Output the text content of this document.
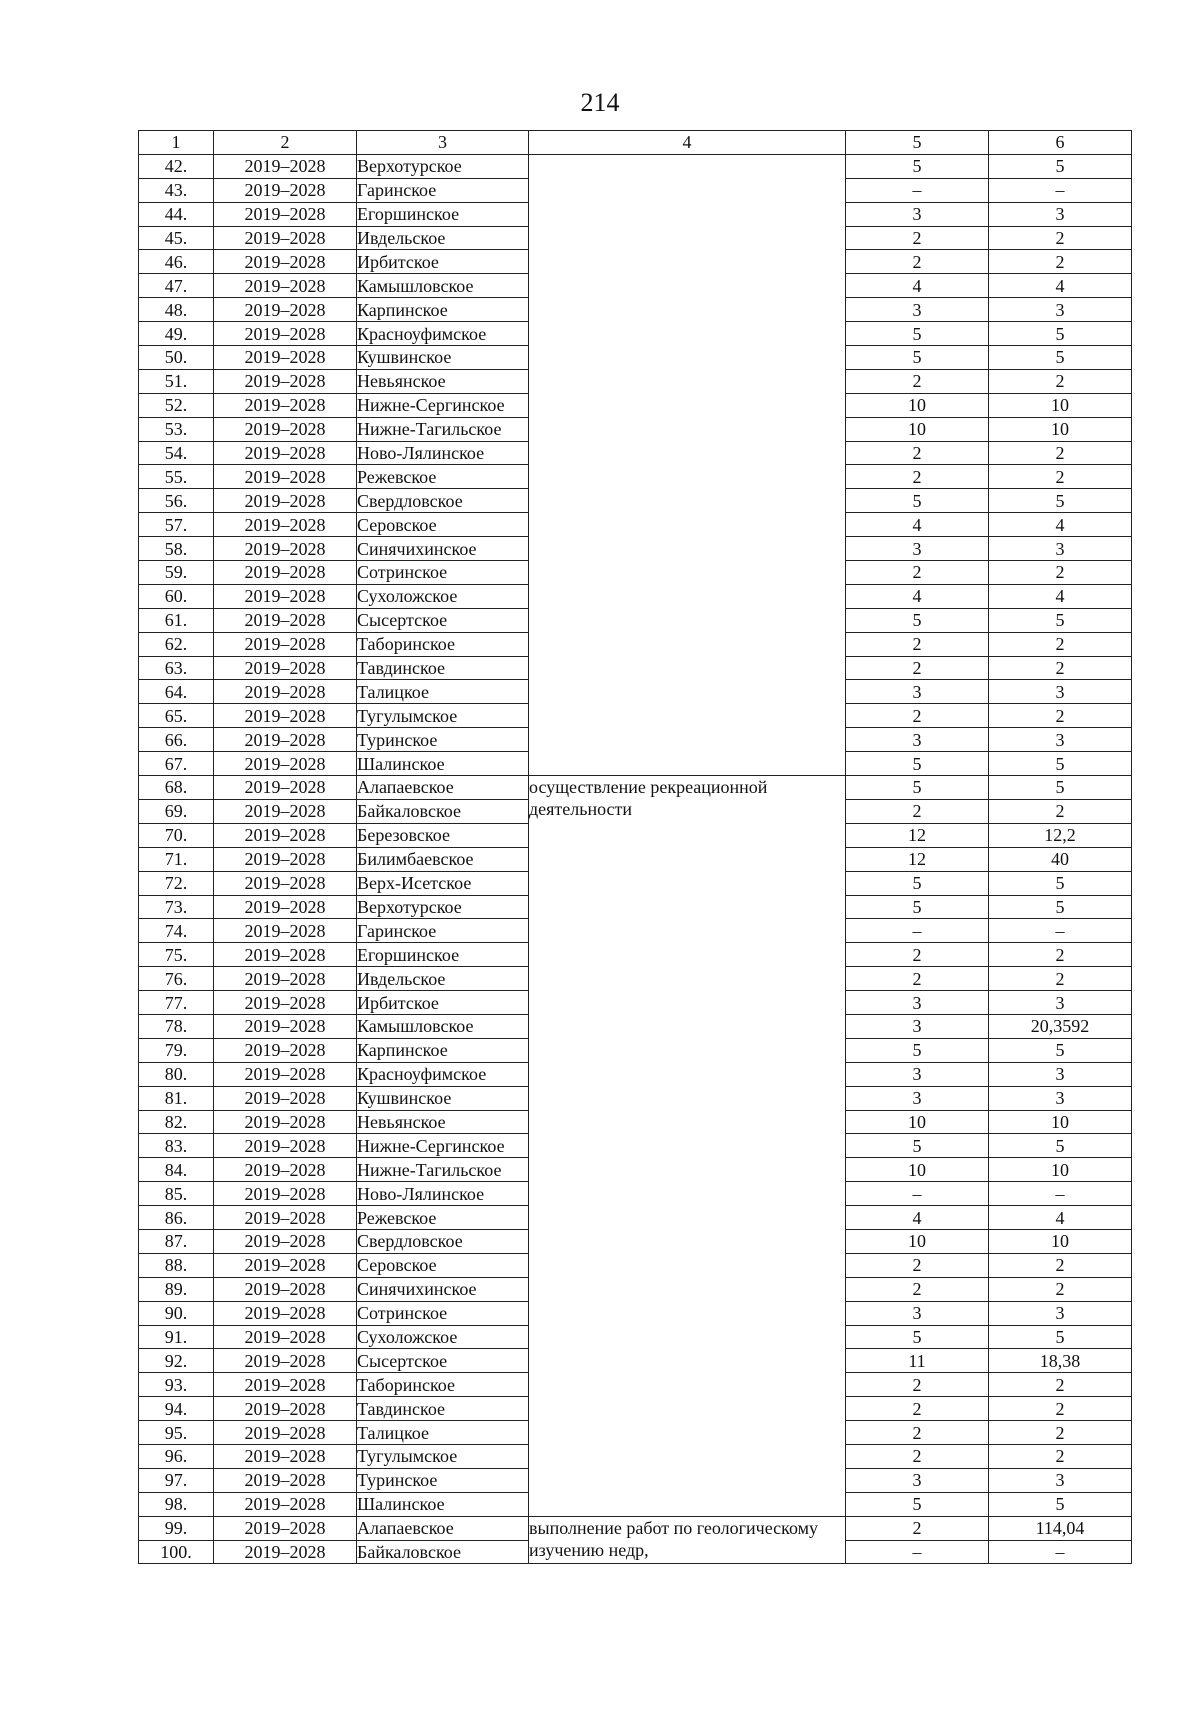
214
1	2	3	4	5	6
42.	2019–2028	Верхотурское		5	5
43.	2019–2028	Гаринское		–	–
44.	2019–2028	Егоршинское		3	3
45.	2019–2028	Ивдельское		2	2
46.	2019–2028	Ирбитское		2	2
47.	2019–2028	Камышловское		4	4
48.	2019–2028	Карпинское		3	3
49.	2019–2028	Красноуфимское		5	5
50.	2019–2028	Кушвинское		5	5
51.	2019–2028	Невьянское		2	2
52.	2019–2028	Нижне-Сергинское		10	10
53.	2019–2028	Нижне-Тагильское		10	10
54.	2019–2028	Ново-Лялинское		2	2
55.	2019–2028	Режевское		2	2
56.	2019–2028	Свердловское		5	5
57.	2019–2028	Серовское		4	4
58.	2019–2028	Синячихинское		3	3
59.	2019–2028	Сотринское		2	2
60.	2019–2028	Сухоложское		4	4
61.	2019–2028	Сысертское		5	5
62.	2019–2028	Таборинское		2	2
63.	2019–2028	Тавдинское		2	2
64.	2019–2028	Талицкое		3	3
65.	2019–2028	Тугулымское		2	2
66.	2019–2028	Туринское		3	3
67.	2019–2028	Шалинское		5	5
68.	2019–2028	Алапаевское	осуществление рекреационной деятельности	5	5
69.	2019–2028	Байкаловское		2	2
70.	2019–2028	Березовское		12	12,2
71.	2019–2028	Билимбаевское		12	40
72.	2019–2028	Верх-Исетское		5	5
73.	2019–2028	Верхотурское		5	5
74.	2019–2028	Гаринское		–	–
75.	2019–2028	Егоршинское		2	2
76.	2019–2028	Ивдельское		2	2
77.	2019–2028	Ирбитское		3	3
78.	2019–2028	Камышловское		3	20,3592
79.	2019–2028	Карпинское		5	5
80.	2019–2028	Красноуфимское		3	3
81.	2019–2028	Кушвинское		3	3
82.	2019–2028	Невьянское		10	10
83.	2019–2028	Нижне-Сергинское		5	5
84.	2019–2028	Нижне-Тагильское		10	10
85.	2019–2028	Ново-Лялинское		–	–
86.	2019–2028	Режевское		4	4
87.	2019–2028	Свердловское		10	10
88.	2019–2028	Серовское		2	2
89.	2019–2028	Синячихинское		2	2
90.	2019–2028	Сотринское		3	3
91.	2019–2028	Сухоложское		5	5
92.	2019–2028	Сысертское		11	18,38
93.	2019–2028	Таборинское		2	2
94.	2019–2028	Тавдинское		2	2
95.	2019–2028	Талицкое		2	2
96.	2019–2028	Тугулымское		2	2
97.	2019–2028	Туринское		3	3
98.	2019–2028	Шалинское		5	5
99.	2019–2028	Алапаевское	выполнение работ по геологическому изучению недр,	2	114,04
100.	2019–2028	Байкаловское		–	–
